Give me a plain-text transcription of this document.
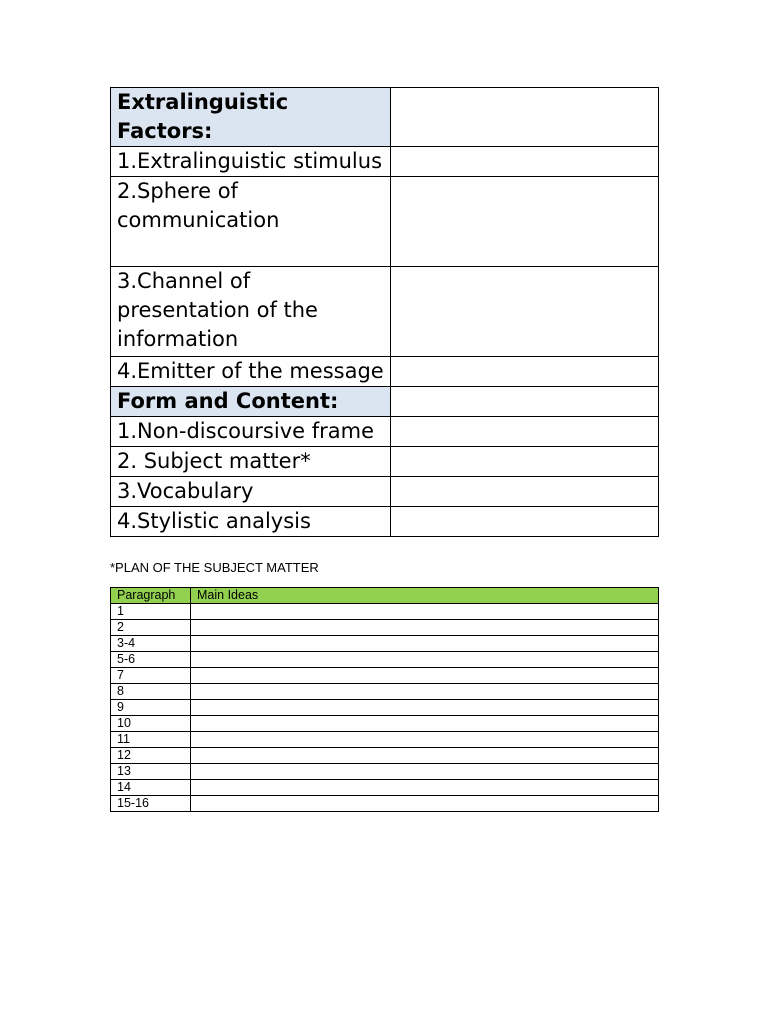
Extralinguistic Factors:	
1.Extralinguistic stimulus	
2.Sphere of communication	
3.Channel of presentation of the information	
4.Emitter of the message	
Form and Content:	
1.Non-discoursive frame	
2. Subject matter*	
3.Vocabulary	
4.Stylistic analysis	
*PLAN OF THE SUBJECT MATTER
Paragraph	Main Ideas
1	
2	
3-4	
5-6	
7	
8	
9	
10	
11	
12	
13	
14	
15-16	
